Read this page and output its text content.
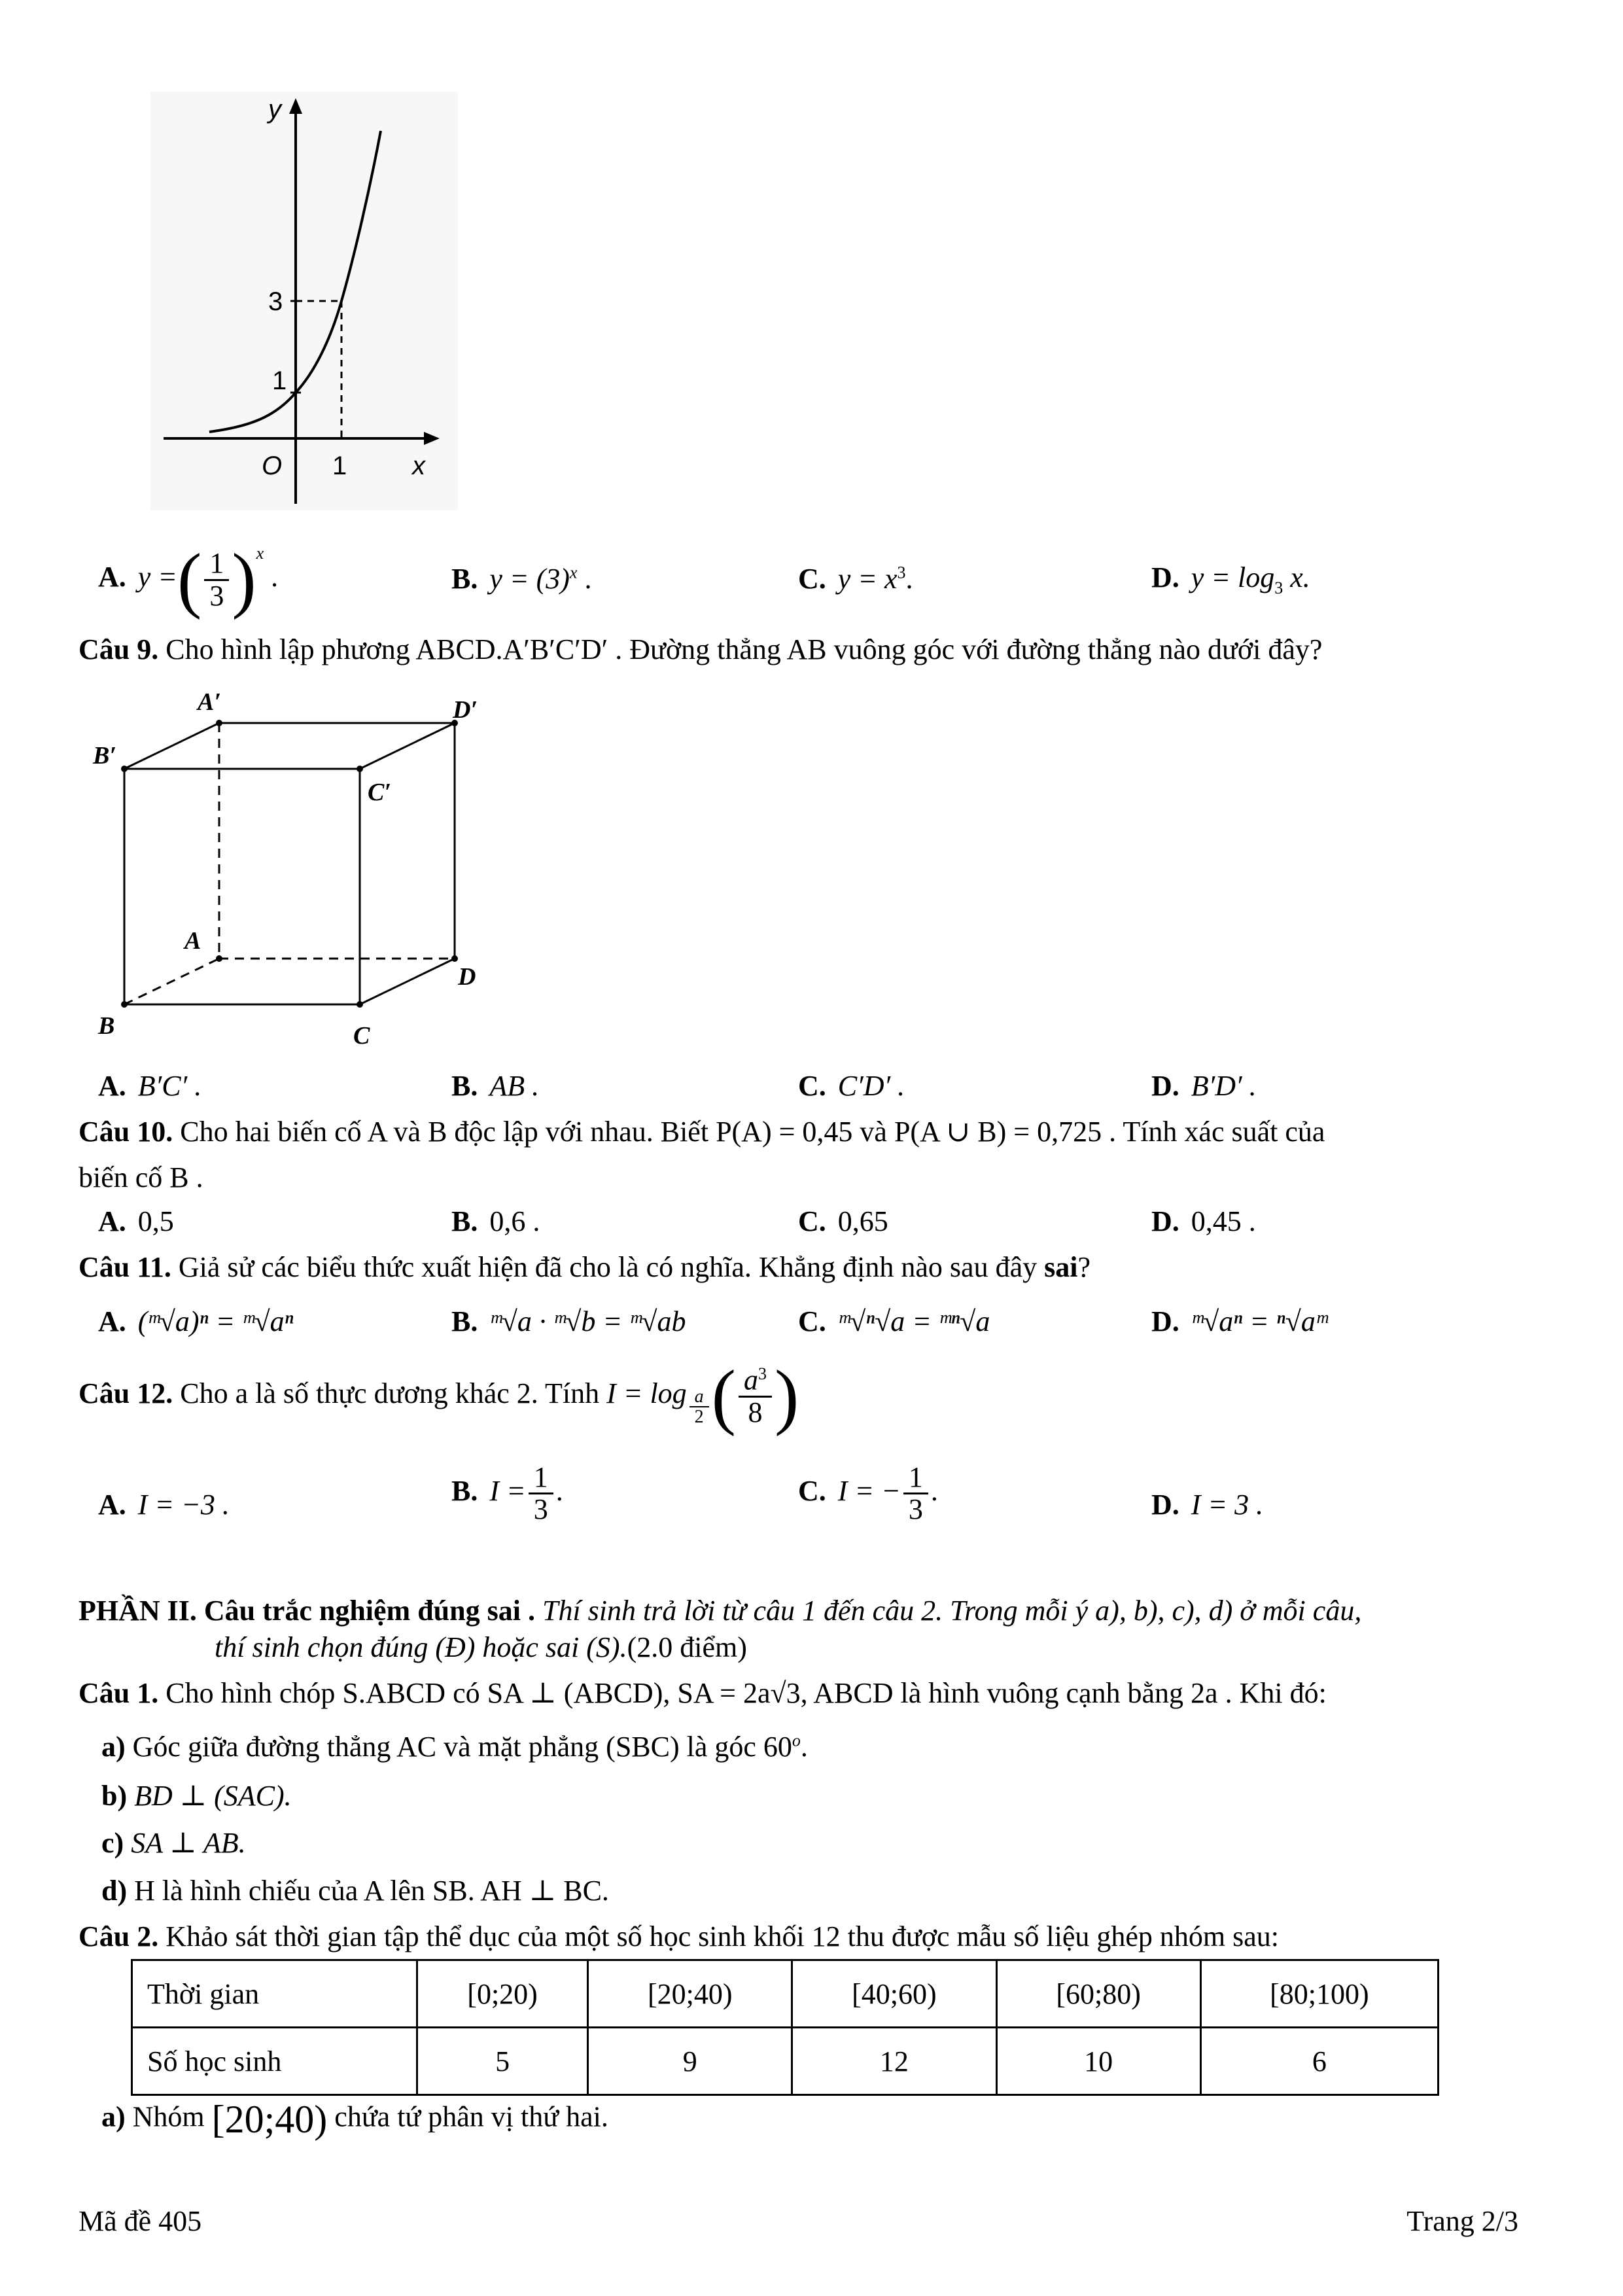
y
x
O
3
1
1
A. y =( $\frac{1}{3} )^x$ .	B. $y = (3)^x$ .	C. $y = x^3$.	D. $y = \log_3 x$.
Câu 9. Cho hình lập phương ABCD.A′B′C′D′ . Đường thẳng AB vuông góc với đường thẳng nào dưới đây?
A′	D′
B′
C′
A
D
B	C
A. B′C′ .	B. AB .	C. C′D′ .	D. B′D′ .
Câu 10. Cho hai biến cố A và B độc lập với nhau. Biết P(A) = 0,45 và P(A ∪ B) = 0,725 . Tính xác suất của
biến cố B .
A. 0,5	B. 0,6 .	C. 0,65	D. 0,45 .
Câu 11. Giả sử các biểu thức xuất hiện đã cho là có nghĩa. Khẳng định nào sau đây sai?
A. (ᵐ√a)ⁿ = ᵐ√aⁿ	B. ᵐ√a · ᵐ√b = ᵐ√ab	C. ᵐ√ⁿ√a = ᵐⁿ√a	D. ᵐ√aⁿ = ⁿ√aᵐ
Câu 12. Cho a là số thực dương khác 2. Tính $I = \log \frac{a}{2}$ ( $\frac{a^3}{8}$ )
A. I = −3 .	B. $I = \frac{1}{3}$ .	C. I = − $\frac{1}{3}$ .	D. I = 3 .
PHẦN II. Câu trắc nghiệm đúng sai . Thí sinh trả lời từ câu 1 đến câu 2. Trong mỗi ý a), b), c), d) ở mỗi câu,
thí sinh chọn đúng (Đ) hoặc sai (S).(2.0 điểm)
Câu 1. Cho hình chóp S.ABCD có SA ⊥ (ABCD), SA = 2a√3, ABCD là hình vuông cạnh bằng 2a . Khi đó:
a) Góc giữa đường thẳng AC và mặt phẳng (SBC) là góc 60$^o$.
b) BD ⊥ (SAC).
c) SA ⊥ AB.
d) H là hình chiếu của A lên SB. AH ⊥ BC.
Câu 2. Khảo sát thời gian tập thể dục của một số học sinh khối 12 thu được mẫu số liệu ghép nhóm sau:
Thời gian	[0;20)	[20;40)	[40;60)	[60;80)	[80;100)
Số học sinh	5	9	12	10	6
a) Nhóm [20;40) chứa tứ phân vị thứ hai.
Mã đề 405	Trang 2/3
